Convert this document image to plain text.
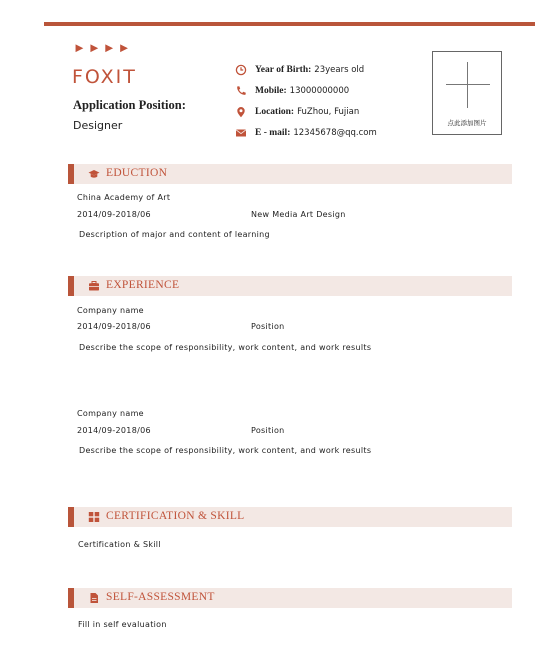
►►►►
FOXIT
Application Position:
Designer
Year of Birth: 23years old
Mobile: 13000000000
Location: FuZhou, Fujian
E - mail: 12345678@qq.com
点此添加图片
EDUCTION
China Academy of Art
2014/09-2018/06	New Media Art Design
Description of major and content of learning
EXPERIENCE
Company name
2014/09-2018/06	Position
Describe the scope of responsibility, work content, and work results
Company name
2014/09-2018/06	Position
Describe the scope of responsibility, work content, and work results
CERTIFICATION & SKILL
Certification & Skill
SELF-ASSESSMENT
Fill in self evaluation
